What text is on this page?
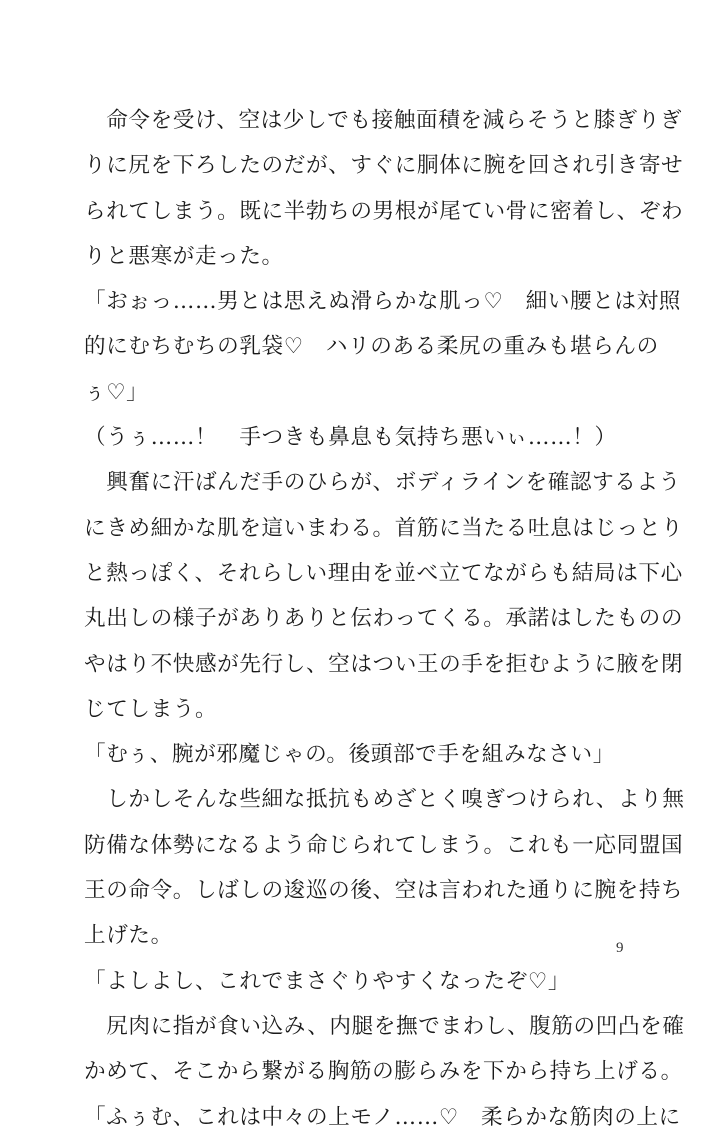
　命令を受け、空は少しでも接触面積を減らそうと膝ぎりぎ
りに尻を下ろしたのだが、すぐに胴体に腕を回され引き寄せ
られてしまう。既に半勃ちの男根が尾てい骨に密着し、ぞわ
りと悪寒が走った。
「おぉっ……男とは思えぬ滑らかな肌っ♡　細い腰とは対照
的にむちむちの乳袋♡　ハリのある柔尻の重みも堪らんの
ぅ♡」
（うぅ……！　手つきも鼻息も気持ち悪いぃ……！）
　興奮に汗ばんだ手のひらが、ボディラインを確認するよう
にきめ細かな肌を這いまわる。首筋に当たる吐息はじっとり
と熱っぽく、それらしい理由を並べ立てながらも結局は下心
丸出しの様子がありありと伝わってくる。承諾はしたものの
やはり不快感が先行し、空はつい王の手を拒むように腋を閉
じてしまう。
「むぅ、腕が邪魔じゃの。後頭部で手を組みなさい」
　しかしそんな些細な抵抗もめざとく嗅ぎつけられ、より無
防備な体勢になるよう命じられてしまう。これも一応同盟国
王の命令。しばしの逡巡の後、空は言われた通りに腕を持ち
上げた。
「よしよし、これでまさぐりやすくなったぞ♡」
　尻肉に指が食い込み、内腿を撫でまわし、腹筋の凹凸を確
かめて、そこから繋がる胸筋の膨らみを下から持ち上げる。
「ふぅむ、これは中々の上モノ……♡　柔らかな筋肉の上に
9
